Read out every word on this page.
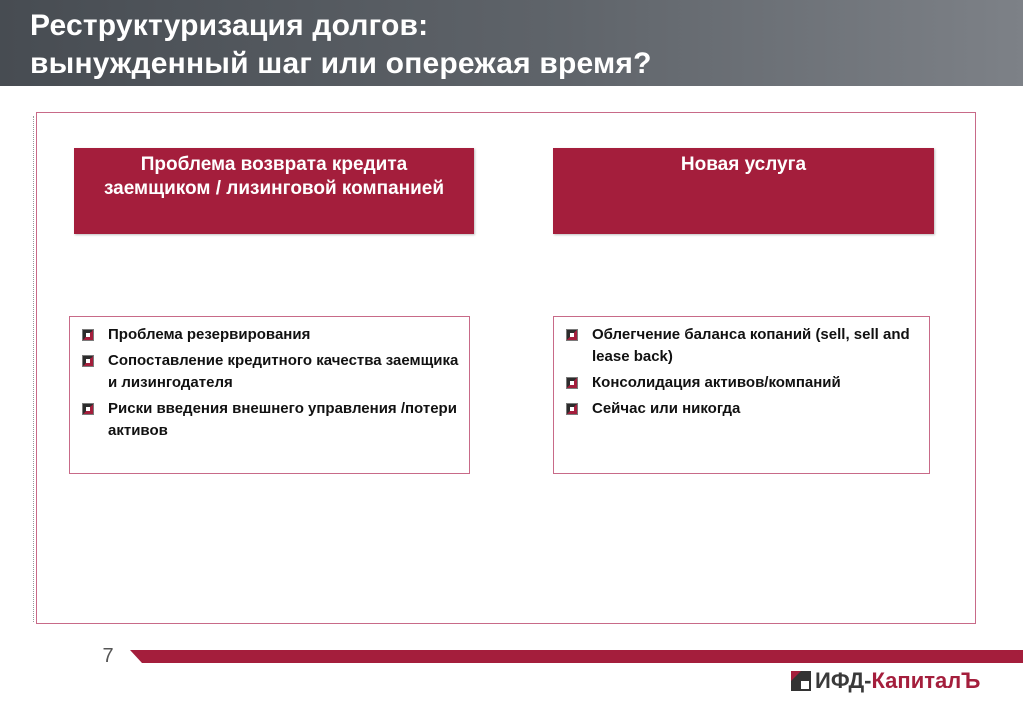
Реструктуризация долгов:
вынужденный шаг или опережая время?
Проблема возврата кредита заемщиком / лизинговой компанией
Новая услуга
Проблема резервирования
Сопоставление кредитного качества заемщика и лизингодателя
Риски введения внешнего управления /потери активов
Облегчение баланса копаний (sell, sell and lease back)
Консолидация активов/компаний
Сейчас или никогда
7
ИФД-КапиталЪ
